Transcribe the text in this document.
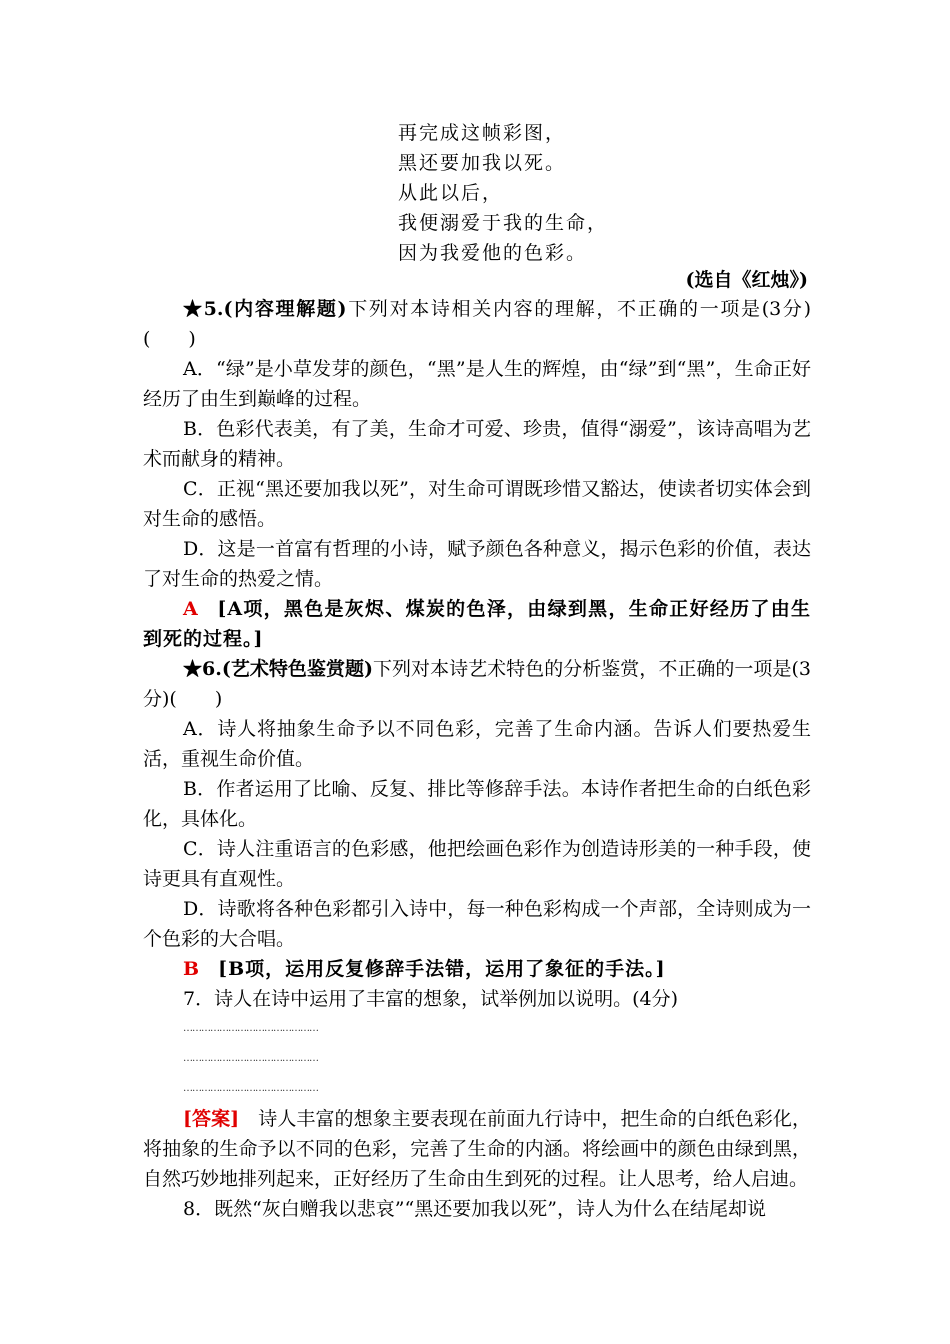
再完成这帧彩图，
黑还要加我以死。
从此以后，
我便溺爱于我的生命，
因为我爱他的色彩。
(选自《红烛》)

★5.(内容理解题)下列对本诗相关内容的理解，不正确的一项是(3分)(　　)

A．“绿”是小草发芽的颜色，“黑”是人生的辉煌，由“绿”到“黑”，生命正好经历了由生到巅峰的过程。

B．色彩代表美，有了美，生命才可爱、珍贵，值得“溺爱”，该诗高唱为艺术而献身的精神。

C．正视“黑还要加我以死”，对生命可谓既珍惜又豁达，使读者切实体会到对生命的感悟。

D．这是一首富有哲理的小诗，赋予颜色各种意义，揭示色彩的价值，表达了对生命的热爱之情。

A　 [A项，黑色是灰烬、煤炭的色泽，由绿到黑，生命正好经历了由生到死的过程。]

★6.(艺术特色鉴赏题)下列对本诗艺术特色的分析鉴赏，不正确的一项是(3分)(　　)

A．诗人将抽象生命予以不同色彩，完善了生命内涵。告诉人们要热爱生活，重视生命价值。

B．作者运用了比喻、反复、排比等修辞手法。本诗作者把生命的白纸色彩化，具体化。

C．诗人注重语言的色彩感，他把绘画色彩作为创造诗形美的一种手段，使诗更具有直观性。

D．诗歌将各种色彩都引入诗中，每一种色彩构成一个声部，全诗则成为一个色彩的大合唱。

B　 [B项，运用反复修辞手法错，运用了象征的手法。]

7．诗人在诗中运用了丰富的想象，试举例加以说明。(4分)

………………………………………
………………………………………
………………………………………

[答案]　 诗人丰富的想象主要表现在前面九行诗中，把生命的白纸色彩化，将抽象的生命予以不同的色彩，完善了生命的内涵。将绘画中的颜色由绿到黑，自然巧妙地排列起来，正好经历了生命由生到死的过程。让人思考，给人启迪。

8．既然“灰白赠我以悲哀”“黑还要加我以死”，诗人为什么在结尾却说
